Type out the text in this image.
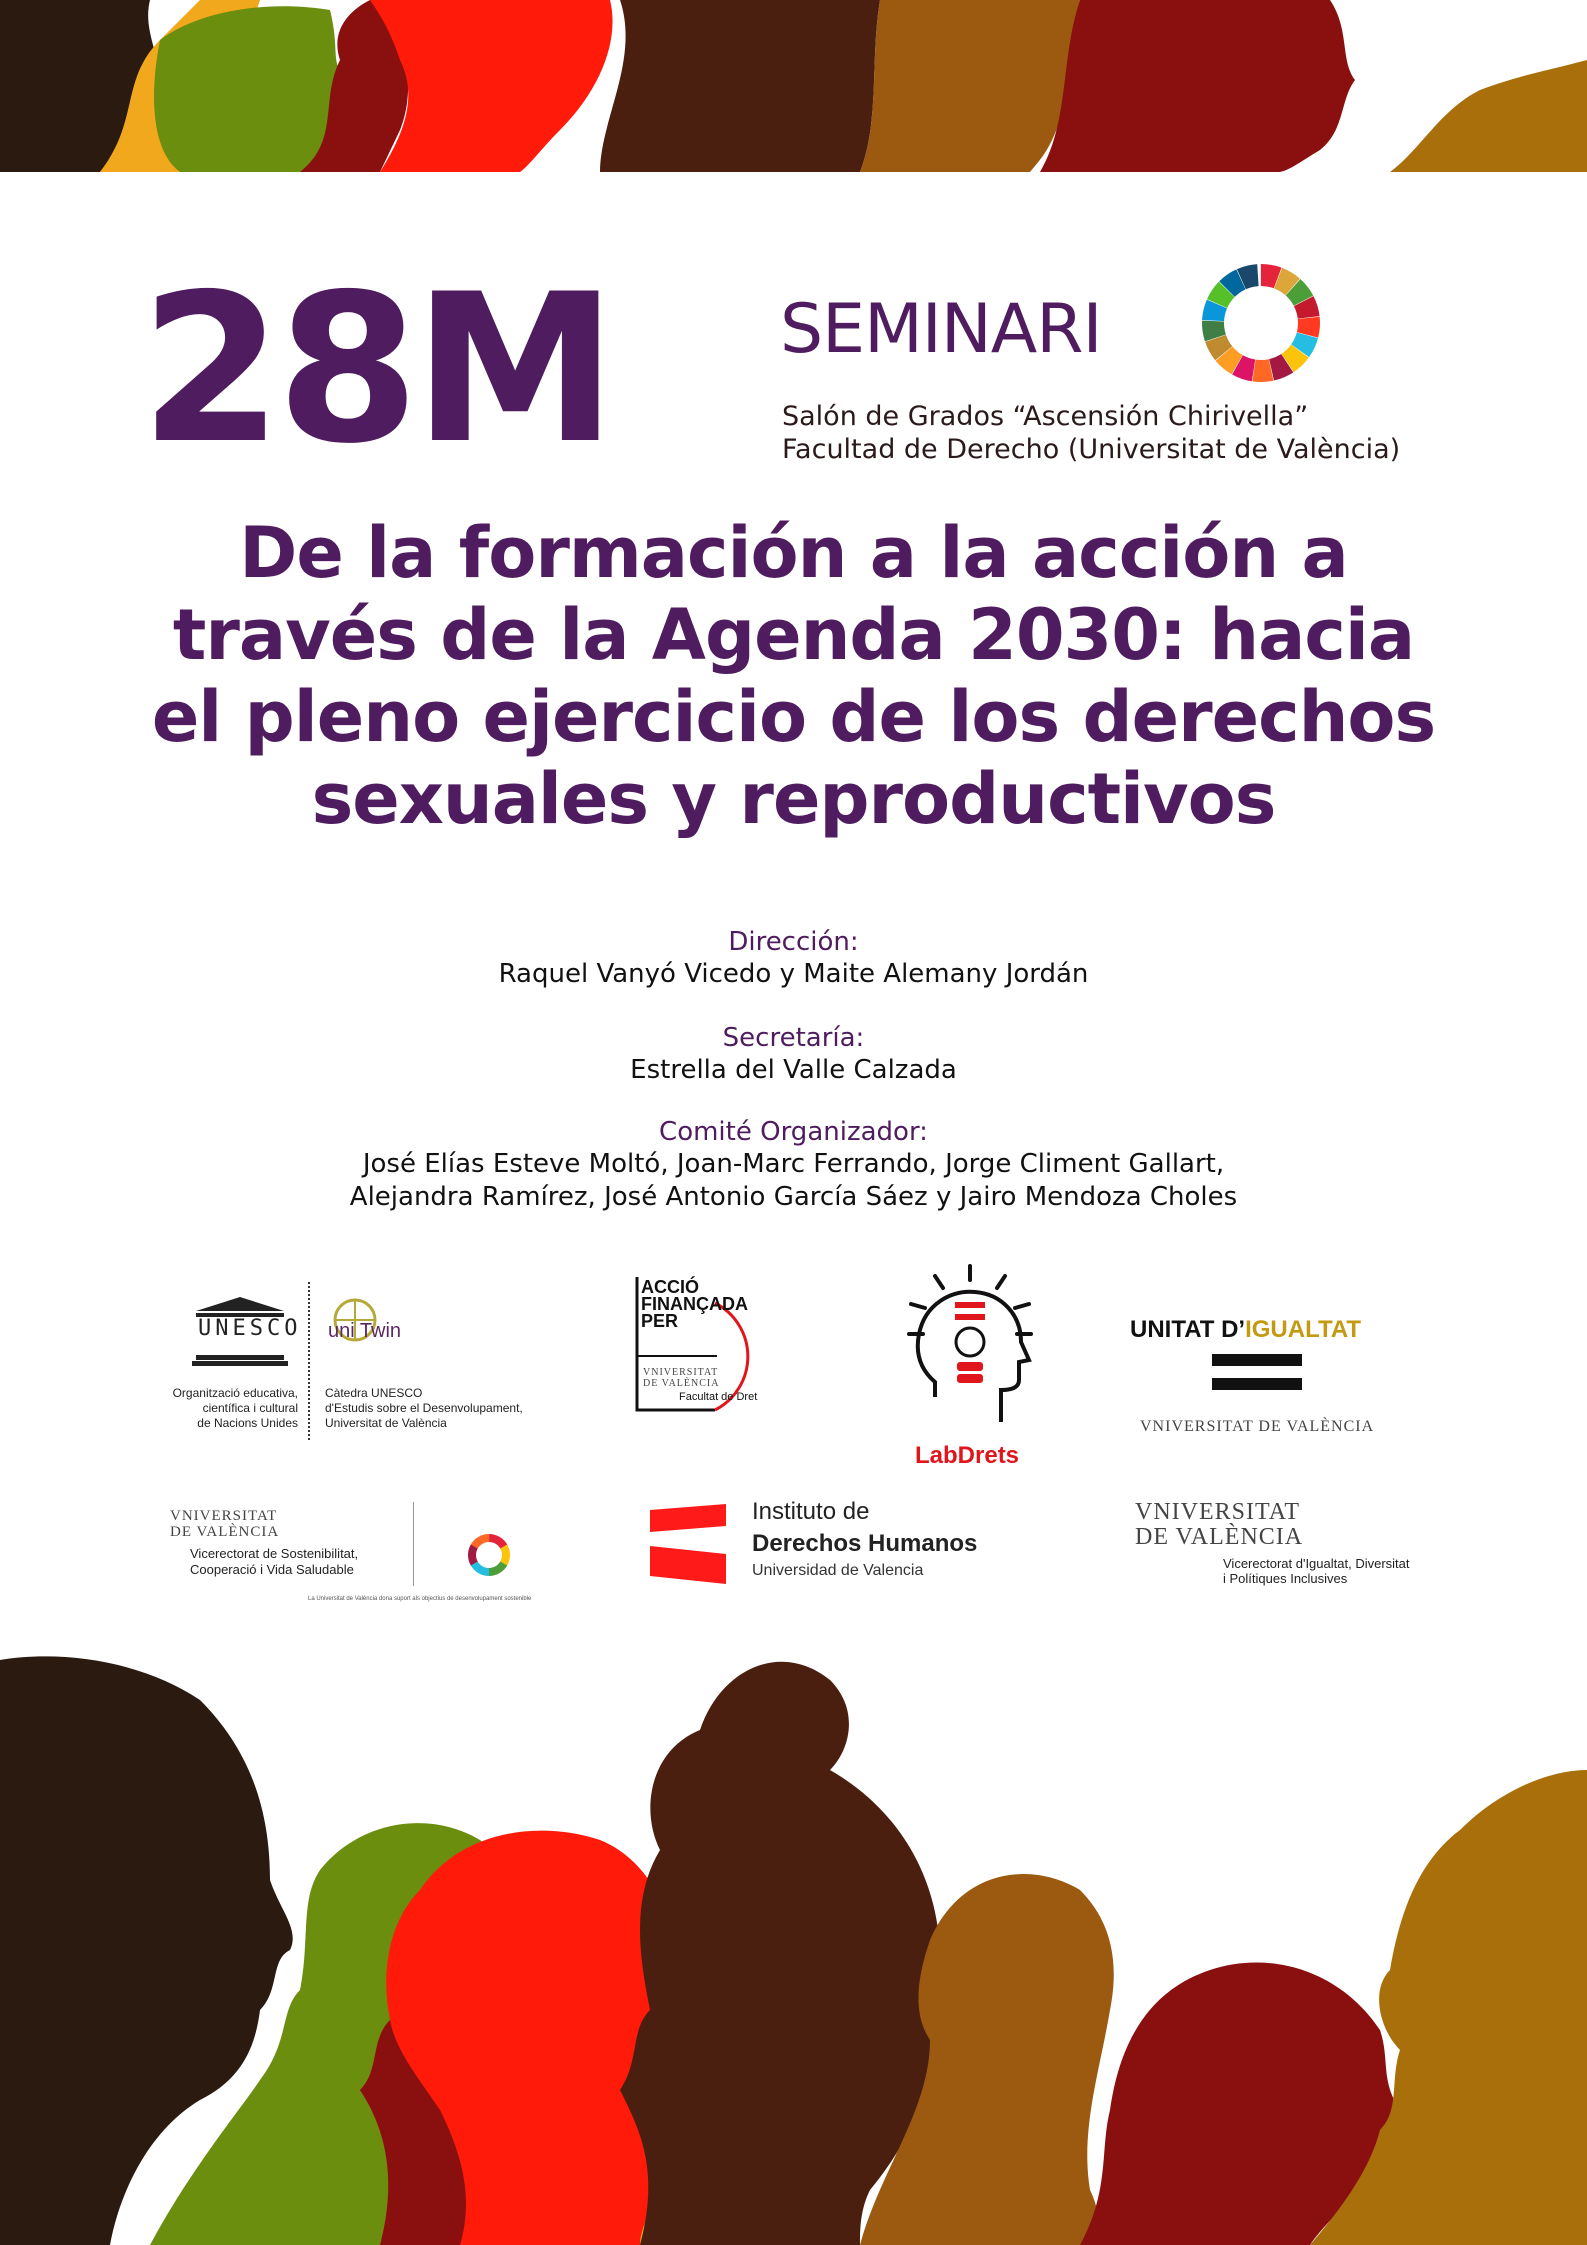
28M	SEMINARI
Salón de Grados “Ascensión Chirivella”
Facultad de Derecho (Universitat de València)
De la formación a la acción a
través de la Agenda 2030: hacia
el pleno ejercicio de los derechos
sexuales y reproductivos
Dirección:
Raquel Vanyó Vicedo y Maite Alemany Jordán
Secretaría:
Estrella del Valle Calzada
Comité Organizador:
José Elías Esteve Moltó, Joan-Marc Ferrando, Jorge Climent Gallart,
Alejandra Ramírez, José Antonio García Sáez y Jairo Mendoza Choles
UNESCO
Organització educativa,
científica i cultural
de Nacions Unides
uni Twin
Càtedra UNESCO
d'Estudis sobre el Desenvolupament,
Universitat de València
ACCIÓ
FINANÇADA
PER
VNIVERSITAT
DE VALÈNCIA
Facultat de Dret
LabDrets
UNITAT D’IGUALTAT
VNIVERSITAT DE VALÈNCIA
VNIVERSITAT
DE VALÈNCIA
Vicerectorat de Sostenibilitat,
Cooperació i Vida Saludable
La Universitat de València dona suport als objectius de desenvolupament sostenible
Instituto de
Derechos Humanos
Universidad de Valencia
VNIVERSITAT
DE VALÈNCIA
Vicerectorat d'Igualtat, Diversitat
i Polítiques Inclusives
